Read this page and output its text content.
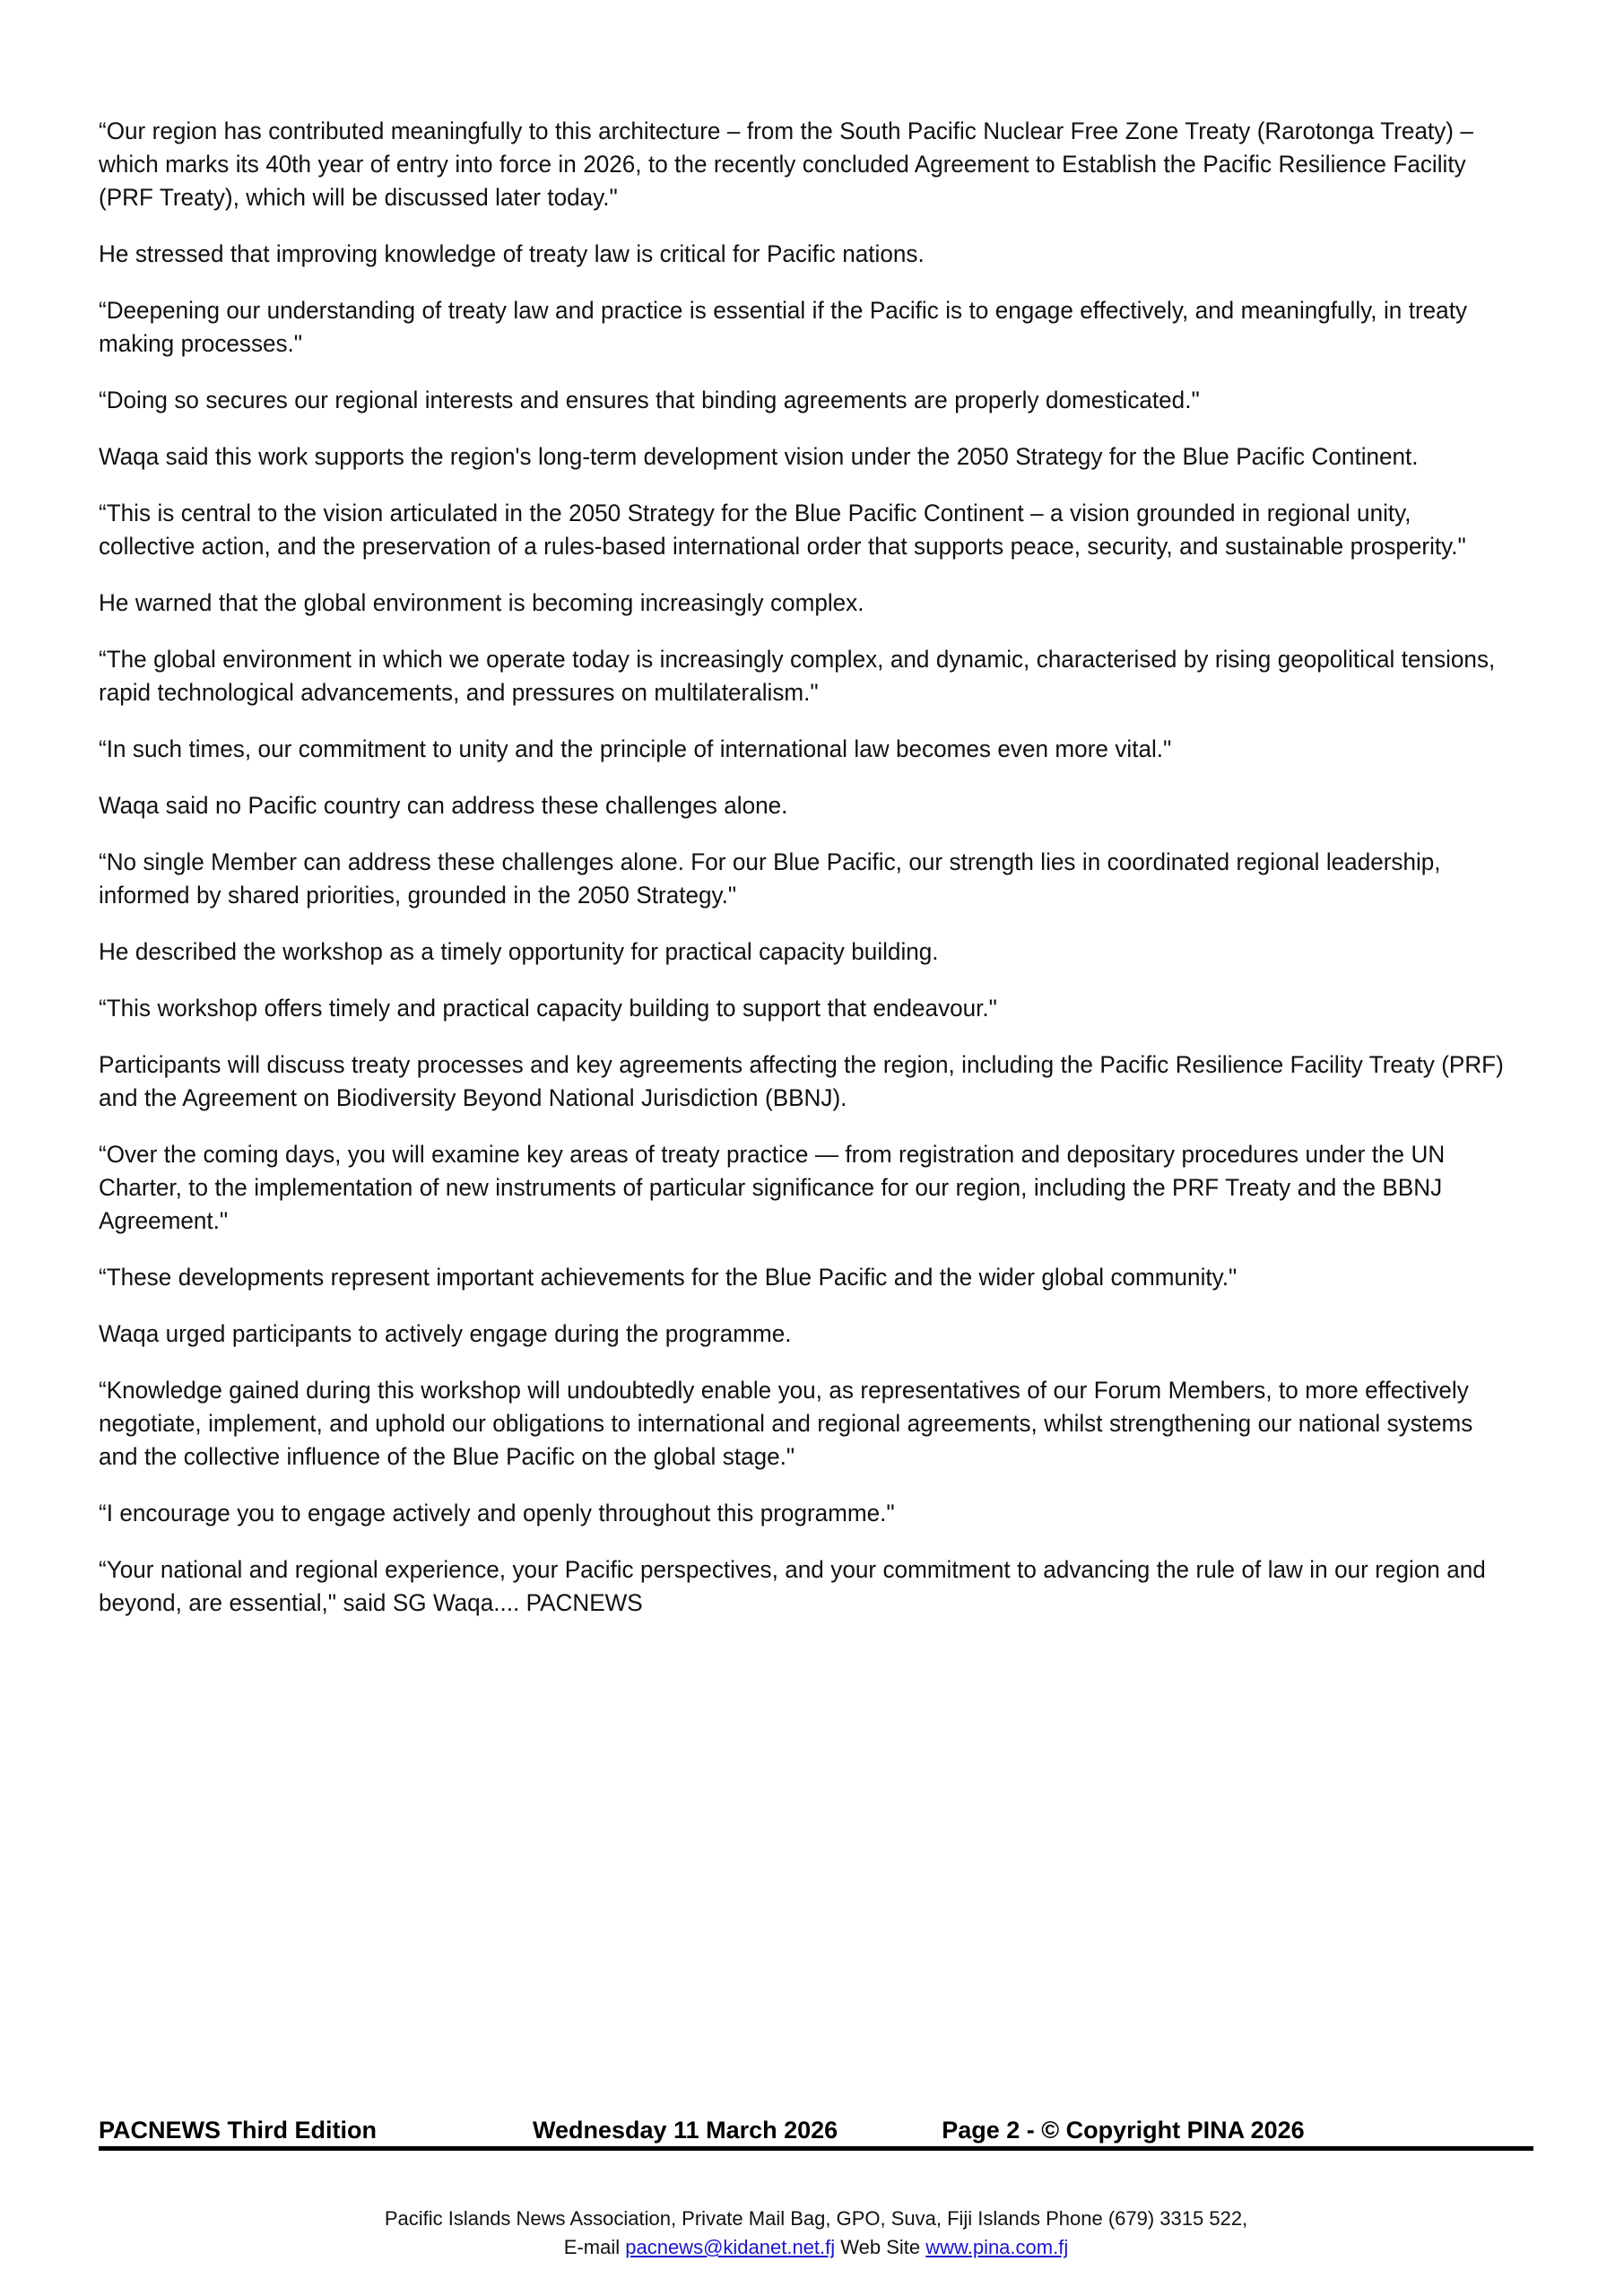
“Our region has contributed meaningfully to this architecture – from the South Pacific Nuclear Free Zone Treaty (Rarotonga Treaty) – which marks its 40th year of entry into force in 2026, to the recently concluded Agreement to Establish the Pacific Resilience Facility (PRF Treaty), which will be discussed later today."

He stressed that improving knowledge of treaty law is critical for Pacific nations.

“Deepening our understanding of treaty law and practice is essential if the Pacific is to engage effectively, and meaningfully, in treaty making processes."

“Doing so secures our regional interests and ensures that binding agreements are properly domesticated."

Waqa said this work supports the region's long-term development vision under the 2050 Strategy for the Blue Pacific Continent.

“This is central to the vision articulated in the 2050 Strategy for the Blue Pacific Continent – a vision grounded in regional unity, collective action, and the preservation of a rules-based international order that supports peace, security, and sustainable prosperity."

He warned that the global environment is becoming increasingly complex.

“The global environment in which we operate today is increasingly complex, and dynamic, characterised by rising geopolitical tensions, rapid technological advancements, and pressures on multilateralism."

“In such times, our commitment to unity and the principle of international law becomes even more vital."

Waqa said no Pacific country can address these challenges alone.

“No single Member can address these challenges alone. For our Blue Pacific, our strength lies in coordinated regional leadership, informed by shared priorities, grounded in the 2050 Strategy."

He described the workshop as a timely opportunity for practical capacity building.

“This workshop offers timely and practical capacity building to support that endeavour."

Participants will discuss treaty processes and key agreements affecting the region, including the Pacific Resilience Facility Treaty (PRF) and the Agreement on Biodiversity Beyond National Jurisdiction (BBNJ).

“Over the coming days, you will examine key areas of treaty practice — from registration and depositary procedures under the UN Charter, to the implementation of new instruments of particular significance for our region, including the PRF Treaty and the BBNJ Agreement."

“These developments represent important achievements for the Blue Pacific and the wider global community."

Waqa urged participants to actively engage during the programme.

“Knowledge gained during this workshop will undoubtedly enable you, as representatives of our Forum Members, to more effectively negotiate, implement, and uphold our obligations to international and regional agreements, whilst strengthening our national systems and the collective influence of the Blue Pacific on the global stage."

“I encourage you to engage actively and openly throughout this programme."

“Your national and regional experience, your Pacific perspectives, and your commitment to advancing the rule of law in our region and beyond, are essential," said SG Waqa.... PACNEWS

PACNEWS Third Edition	Wednesday 11 March 2026	Page 2 - © Copyright PINA 2026
Pacific Islands News Association, Private Mail Bag, GPO, Suva, Fiji Islands Phone (679) 3315 522,
E-mail pacnews@kidanet.net.fj Web Site www.pina.com.fj
